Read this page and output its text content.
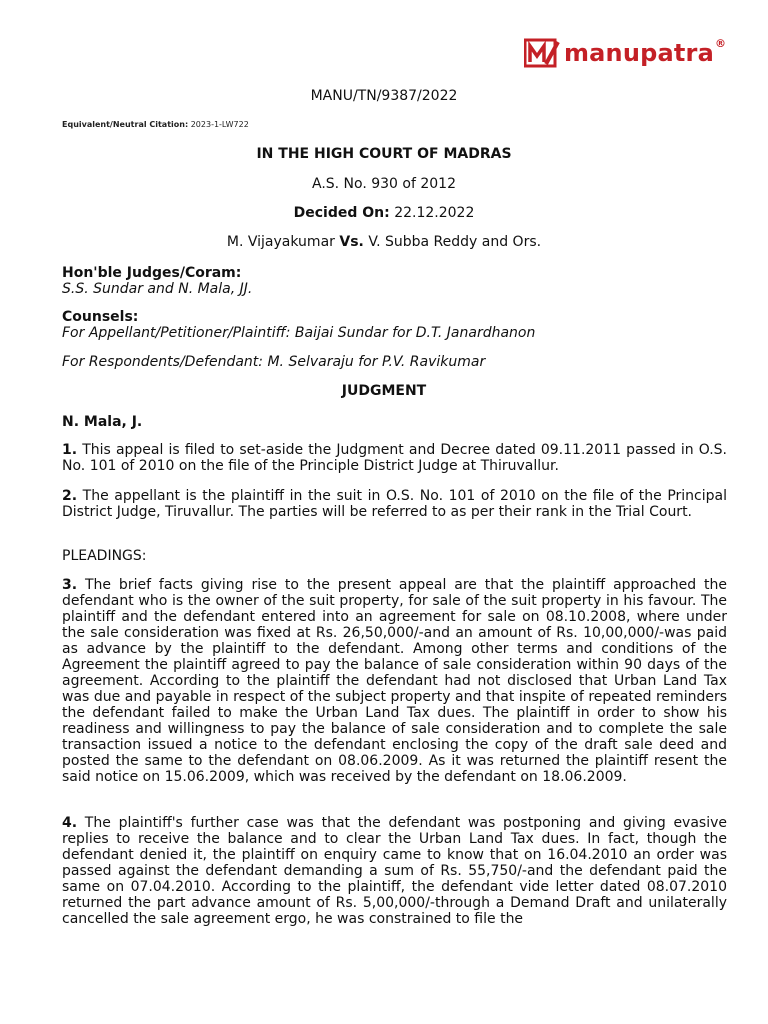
manupatra ®
MANU/TN/9387/2022
Equivalent/Neutral Citation: 2023-1-LW722
IN THE HIGH COURT OF MADRAS
A.S. No. 930 of 2012
Decided On: 22.12.2022
M. Vijayakumar Vs. V. Subba Reddy and Ors.
Hon'ble Judges/Coram:
S.S. Sundar and N. Mala, JJ.
Counsels:
For Appellant/Petitioner/Plaintiff: Baijai Sundar for D.T. Janardhanon
For Respondents/Defendant: M. Selvaraju for P.V. Ravikumar
JUDGMENT
N. Mala, J.
1. This appeal is filed to set-aside the Judgment and Decree dated 09.11.2011 passed in O.S. No. 101 of 2010 on the file of the Principle District Judge at Thiruvallur.
2. The appellant is the plaintiff in the suit in O.S. No. 101 of 2010 on the file of the Principal District Judge, Tiruvallur. The parties will be referred to as per their rank in the Trial Court.
PLEADINGS:
3. The brief facts giving rise to the present appeal are that the plaintiff approached the defendant who is the owner of the suit property, for sale of the suit property in his favour. The plaintiff and the defendant entered into an agreement for sale on 08.10.2008, where under the sale consideration was fixed at Rs. 26,50,000/-and an amount of Rs. 10,00,000/-was paid as advance by the plaintiff to the defendant. Among other terms and conditions of the Agreement the plaintiff agreed to pay the balance of sale consideration within 90 days of the agreement. According to the plaintiff the defendant had not disclosed that Urban Land Tax was due and payable in respect of the subject property and that inspite of repeated reminders the defendant failed to make the Urban Land Tax dues. The plaintiff in order to show his readiness and willingness to pay the balance of sale consideration and to complete the sale transaction issued a notice to the defendant enclosing the copy of the draft sale deed and posted the same to the defendant on 08.06.2009. As it was returned the plaintiff resent the said notice on 15.06.2009, which was received by the defendant on 18.06.2009.
4. The plaintiff's further case was that the defendant was postponing and giving evasive replies to receive the balance and to clear the Urban Land Tax dues. In fact, though the defendant denied it, the plaintiff on enquiry came to know that on 16.04.2010 an order was passed against the defendant demanding a sum of Rs. 55,750/-and the defendant paid the same on 07.04.2010. According to the plaintiff, the defendant vide letter dated 08.07.2010 returned the part advance amount of Rs. 5,00,000/-through a Demand Draft and unilaterally cancelled the sale agreement ergo, he was constrained to file the
